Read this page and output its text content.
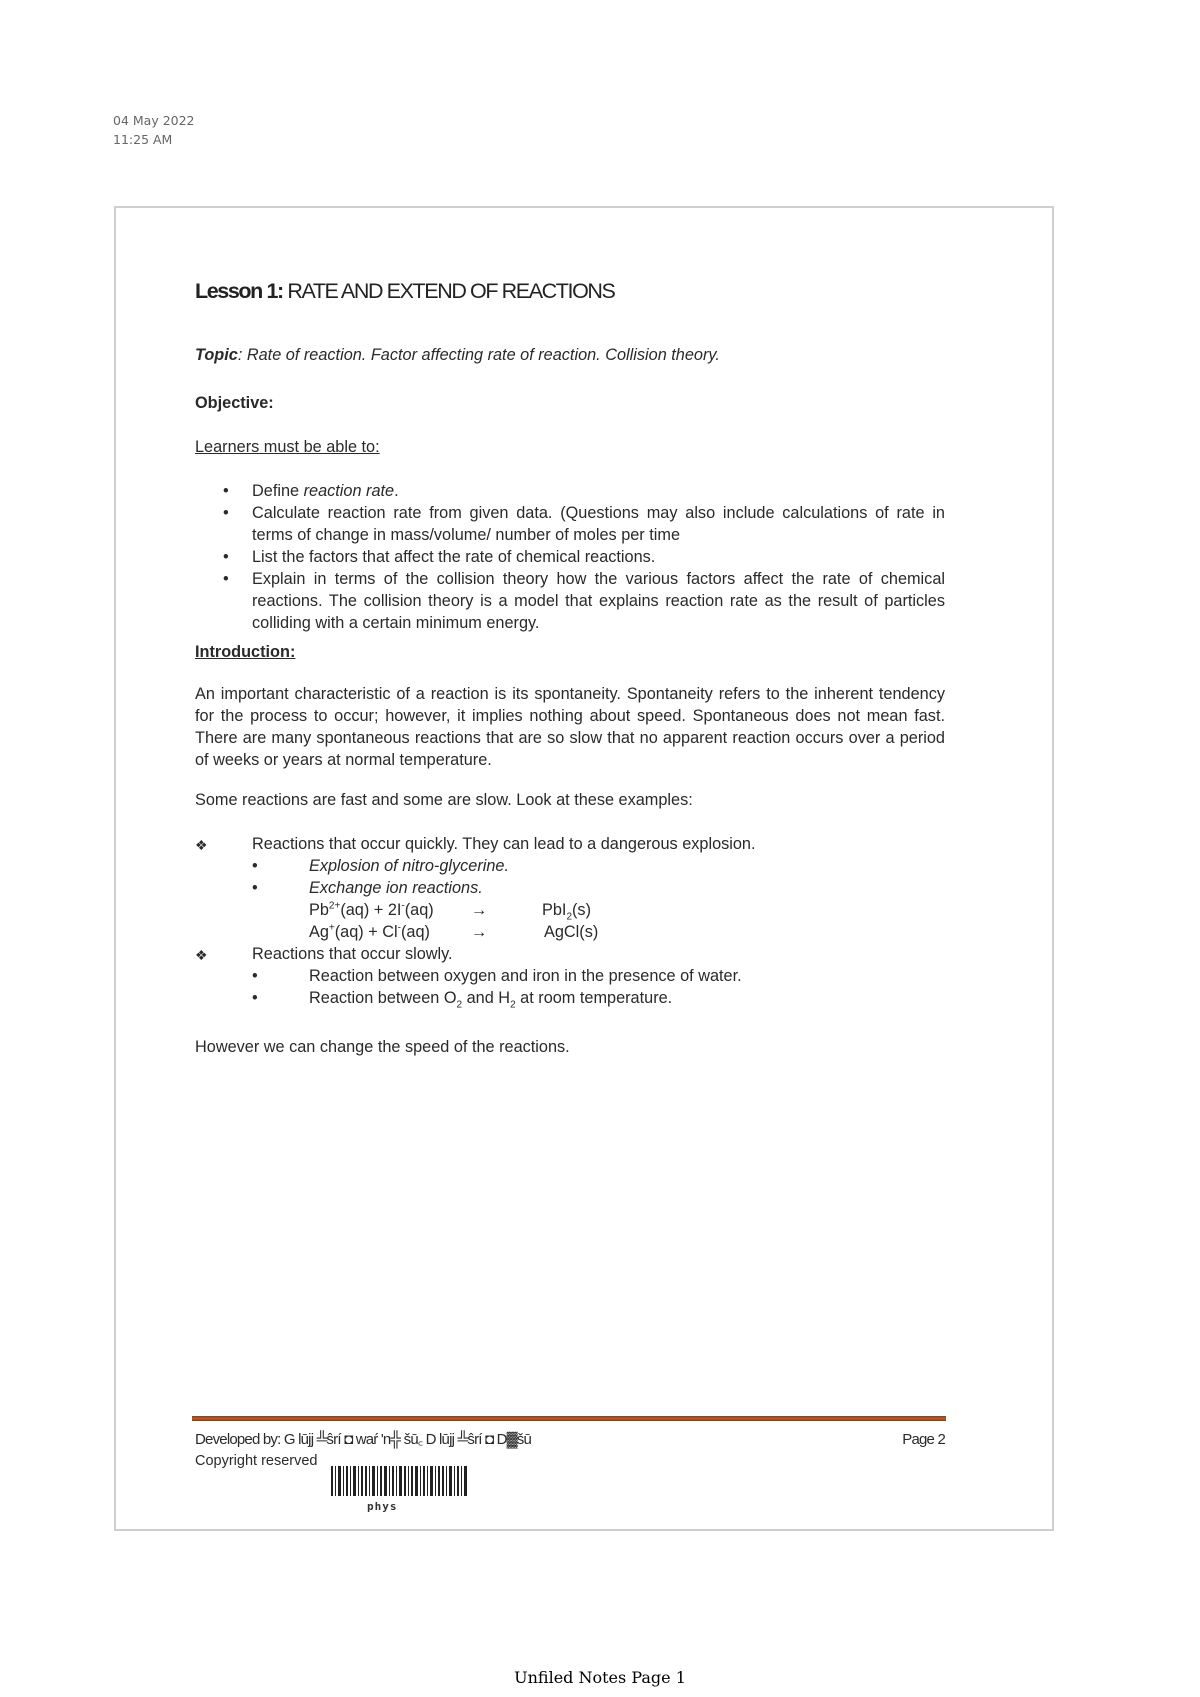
04 May 2022
11:25 AM
Lesson 1: RATE AND EXTEND OF REACTIONS
Topic: Rate of reaction. Factor affecting rate of reaction. Collision theory.
Objective:
Learners must be able to:
• Define reaction rate.
• Calculate reaction rate from given data. (Questions may also include calculations of rate in terms of change in mass/volume/ number of moles per time
• List the factors that affect the rate of chemical reactions.
• Explain in terms of the collision theory how the various factors affect the rate of chemical reactions. The collision theory is a model that explains reaction rate as the result of particles colliding with a certain minimum energy.
Introduction:
An important characteristic of a reaction is its spontaneity. Spontaneity refers to the inherent tendency for the process to occur; however, it implies nothing about speed. Spontaneous does not mean fast. There are many spontaneous reactions that are so slow that no apparent reaction occurs over a period of weeks or years at normal temperature.
Some reactions are fast and some are slow. Look at these examples:
❖	Reactions that occur quickly. They can lead to a dangerous explosion.
•	Explosion of nitro-glycerine.
•	Exchange ion reactions.
$Pb^{2+}(aq) + 2I^-(aq)$ →	PbI$_2$(s)
Ag+(aq) + Cl-(aq)	→	AgCl(s)
❖	Reactions that occur slowly.
•	Reaction between oxygen and iron in the presence of water.
•	Reaction between $O_2$ and $H_2$ at room temperature.
However we can change the speed of the reactions.
Developed by: G lūjj ╩ŝrí ◘ waŕ 'n╬ šū꜀ D lūjj ╩ŝrí ◘ D▓šū
Copyright reserved
Page 2
phys
Unfiled Notes Page 1
